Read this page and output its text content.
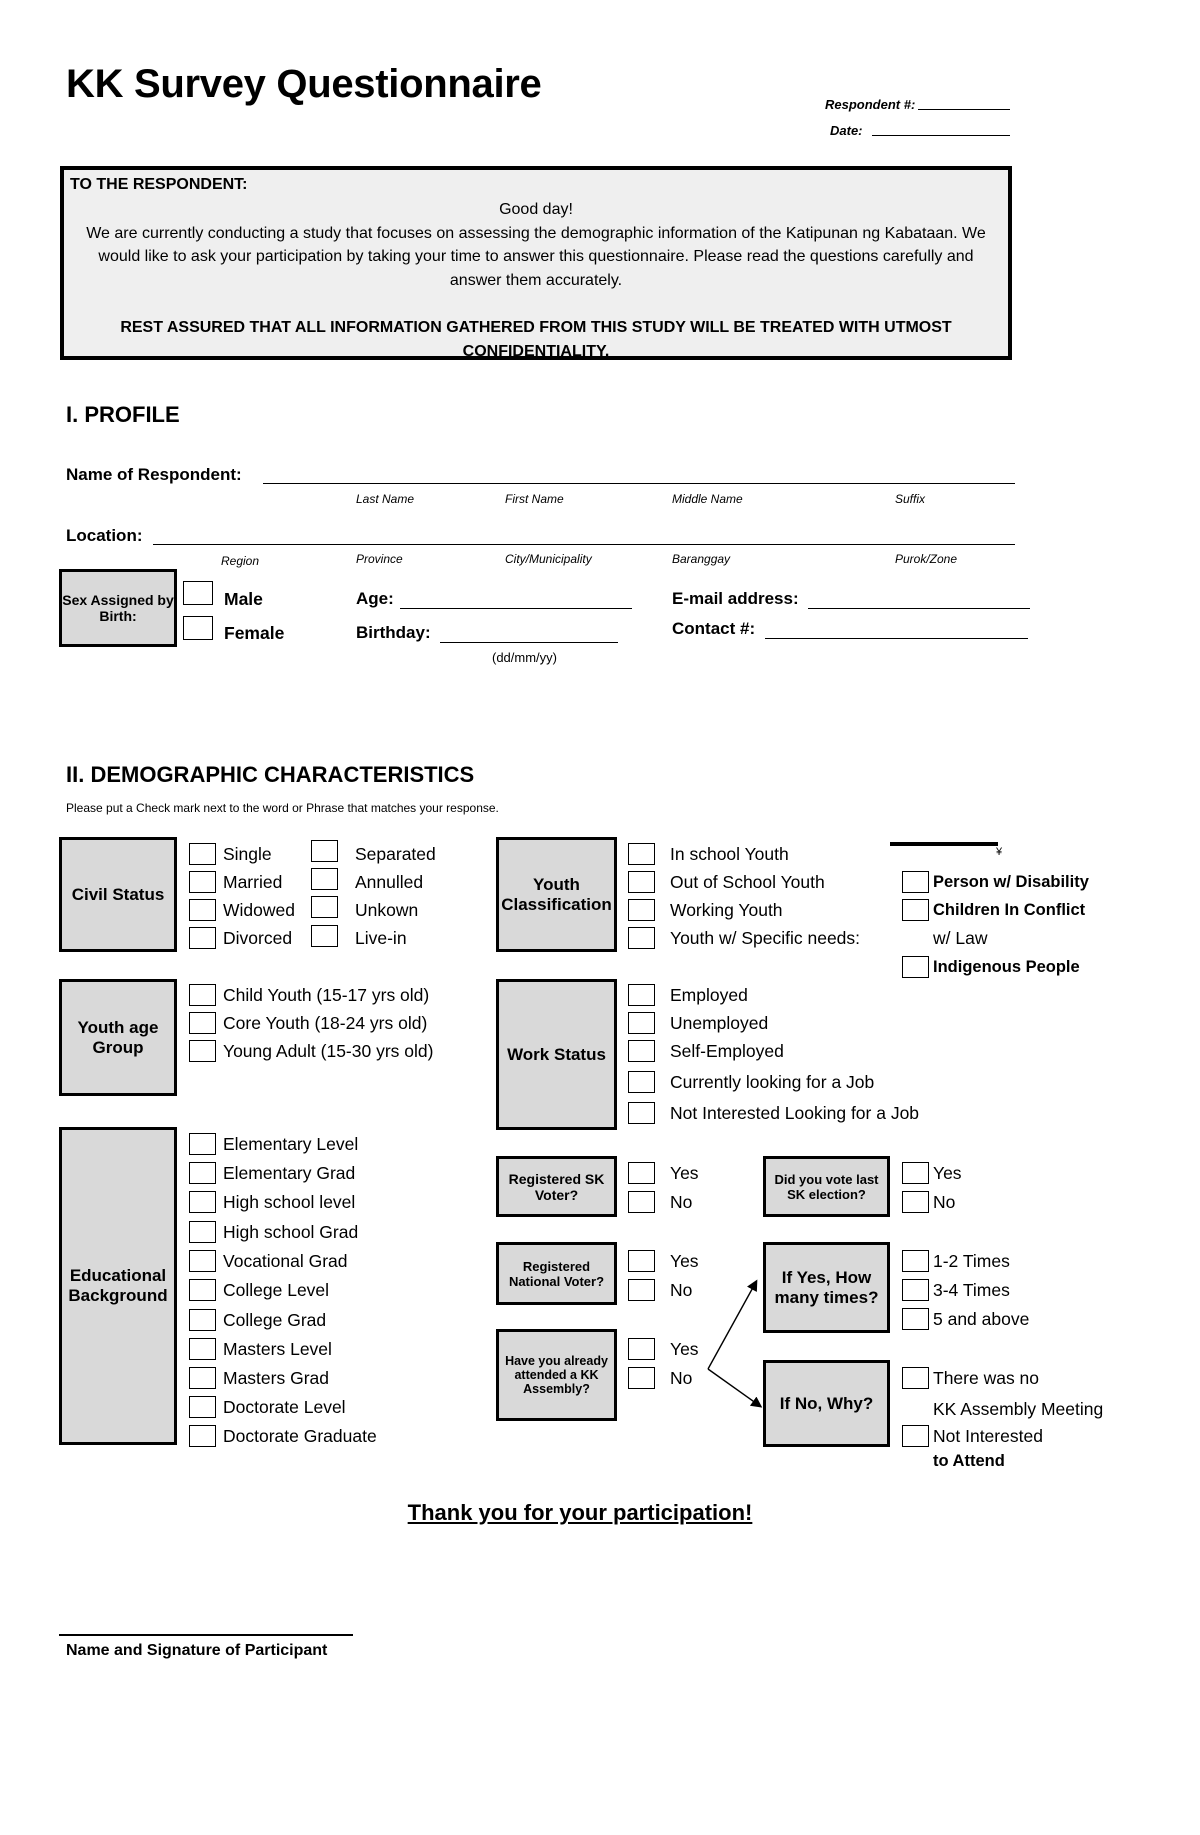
KK Survey Questionnaire	Respondent #:
Date:
TO THE RESPONDENT:
Good day!
We are currently conducting a study that focuses on assessing the demographic information of the Katipunan ng Kabataan. We would like to ask your participation by taking your time to answer this questionnaire. Please read the questions carefully and answer them accurately.
REST ASSURED THAT ALL INFORMATION GATHERED FROM THIS STUDY WILL BE TREATED WITH UTMOST CONFIDENTIALITY.
I. PROFILE
Name of Respondent:
Last Name	First Name	Middle Name	Suffix
Location:
Region	Province	City/Municipality	Baranggay	Purok/Zone
Sex Assigned by Birth:
Male
Female
Age:
Birthday:
(dd/mm/yy)
E-mail address:
Contact #:
II. DEMOGRAPHIC CHARACTERISTICS
Please put a Check mark next to the word or Phrase that matches your response.
Civil Status
Single
Married
Widowed
Divorced
Separated
Annulled
Unkown
Live-in
Youth age Group
Child Youth (15-17 yrs old)
Core Youth (18-24 yrs old)
Young Adult (15-30 yrs old)
Educational Background
Elementary Level
Elementary Grad
High school level
High school Grad
Vocational Grad
College Level
College Grad
Masters Level
Masters Grad
Doctorate Level
Doctorate Graduate
Youth Classification
In school Youth
Out of School Youth
Working Youth
Youth w/ Specific needs:
¥
Person w/ Disability
Children In Conflict
w/ Law
Indigenous People
Work Status
Employed
Unemployed
Self-Employed
Currently looking for a Job
Not Interested Looking for a Job
Registered SK Voter?
Yes
No
Did you vote last SK election?
Yes
No
Registered National Voter?
Yes
No
If Yes, How many times?
1-2 Times
3-4 Times
5 and above
Have you already attended a KK Assembly?
Yes
No
If No, Why?
There was no
KK Assembly Meeting
Not Interested
to Attend
Thank you for your participation!
Name and Signature of Participant
